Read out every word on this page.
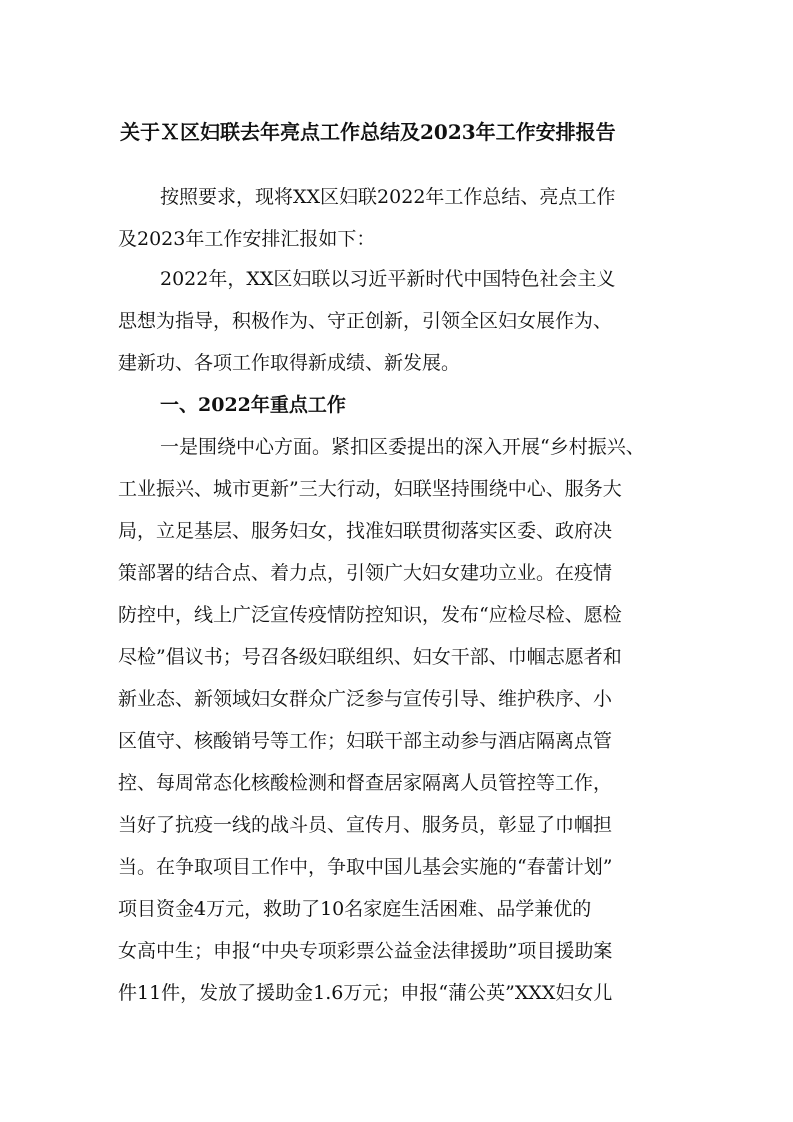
关于Ｘ区妇联去年亮点工作总结及2023年工作安排报告
按照要求，现将XX区妇联2022年工作总结、亮点工作
及2023年工作安排汇报如下：
2022年，XX区妇联以习近平新时代中国特色社会主义
思想为指导，积极作为、守正创新，引领全区妇女展作为、
建新功、各项工作取得新成绩、新发展。
一、2022年重点工作
一是围绕中心方面。紧扣区委提出的深入开展“乡村振兴、
工业振兴、城市更新”三大行动，妇联坚持围绕中心、服务大
局，立足基层、服务妇女，找准妇联贯彻落实区委、政府决
策部署的结合点、着力点，引领广大妇女建功立业。在疫情
防控中，线上广泛宣传疫情防控知识，发布“应检尽检、愿检
尽检”倡议书；号召各级妇联组织、妇女干部、巾帼志愿者和
新业态、新领域妇女群众广泛参与宣传引导、维护秩序、小
区值守、核酸销号等工作；妇联干部主动参与酒店隔离点管
控、每周常态化核酸检测和督查居家隔离人员管控等工作，
当好了抗疫一线的战斗员、宣传月、服务员，彰显了巾帼担
当。在争取项目工作中，争取中国儿基会实施的“春蕾计划”
项目资金4万元，救助了10名家庭生活困难、品学兼优的
女高中生；申报“中央专项彩票公益金法律援助”项目援助案
件11件，发放了援助金1.6万元；申报“蒲公英”XXX妇女儿
